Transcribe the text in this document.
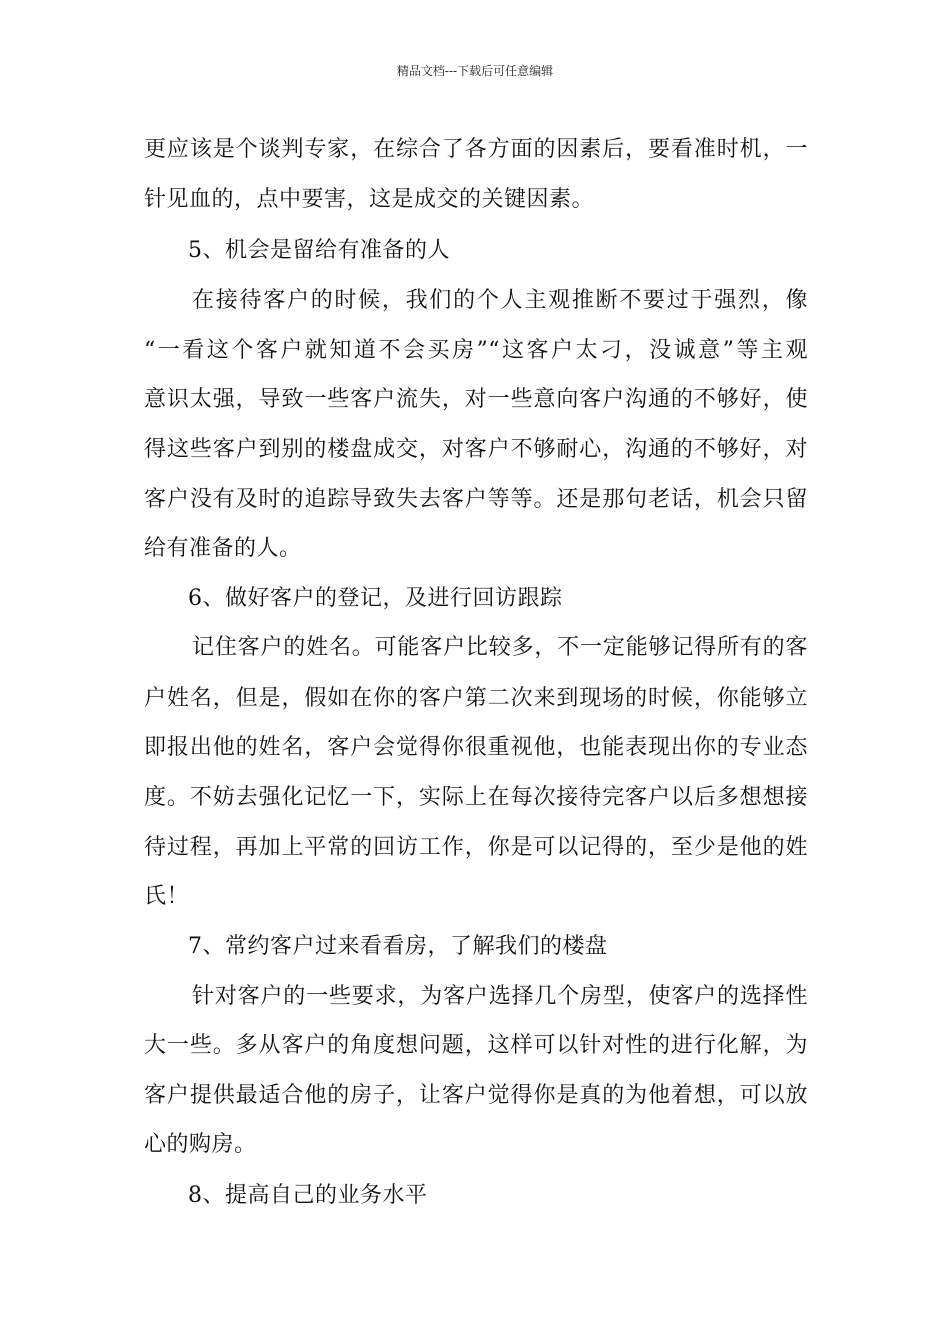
精品文档---下载后可任意编辑
更应该是个谈判专家，在综合了各方面的因素后，要看准时机，一
针见血的，点中要害，这是成交的关键因素。
5、机会是留给有准备的人
在接待客户的时候，我们的个人主观推断不要过于强烈，像
“一看这个客户就知道不会买房”“这客户太刁，没诚意”等主观
意识太强，导致一些客户流失，对一些意向客户沟通的不够好，使
得这些客户到别的楼盘成交，对客户不够耐心，沟通的不够好，对
客户没有及时的追踪导致失去客户等等。还是那句老话，机会只留
给有准备的人。
6、做好客户的登记，及进行回访跟踪
记住客户的姓名。可能客户比较多，不一定能够记得所有的客
户姓名，但是，假如在你的客户第二次来到现场的时候，你能够立
即报出他的姓名，客户会觉得你很重视他，也能表现出你的专业态
度。不妨去强化记忆一下，实际上在每次接待完客户以后多想想接
待过程，再加上平常的回访工作，你是可以记得的，至少是他的姓
氏！
7、常约客户过来看看房，了解我们的楼盘
针对客户的一些要求，为客户选择几个房型，使客户的选择性
大一些。多从客户的角度想问题，这样可以针对性的进行化解，为
客户提供最适合他的房子，让客户觉得你是真的为他着想，可以放
心的购房。
8、提高自己的业务水平
